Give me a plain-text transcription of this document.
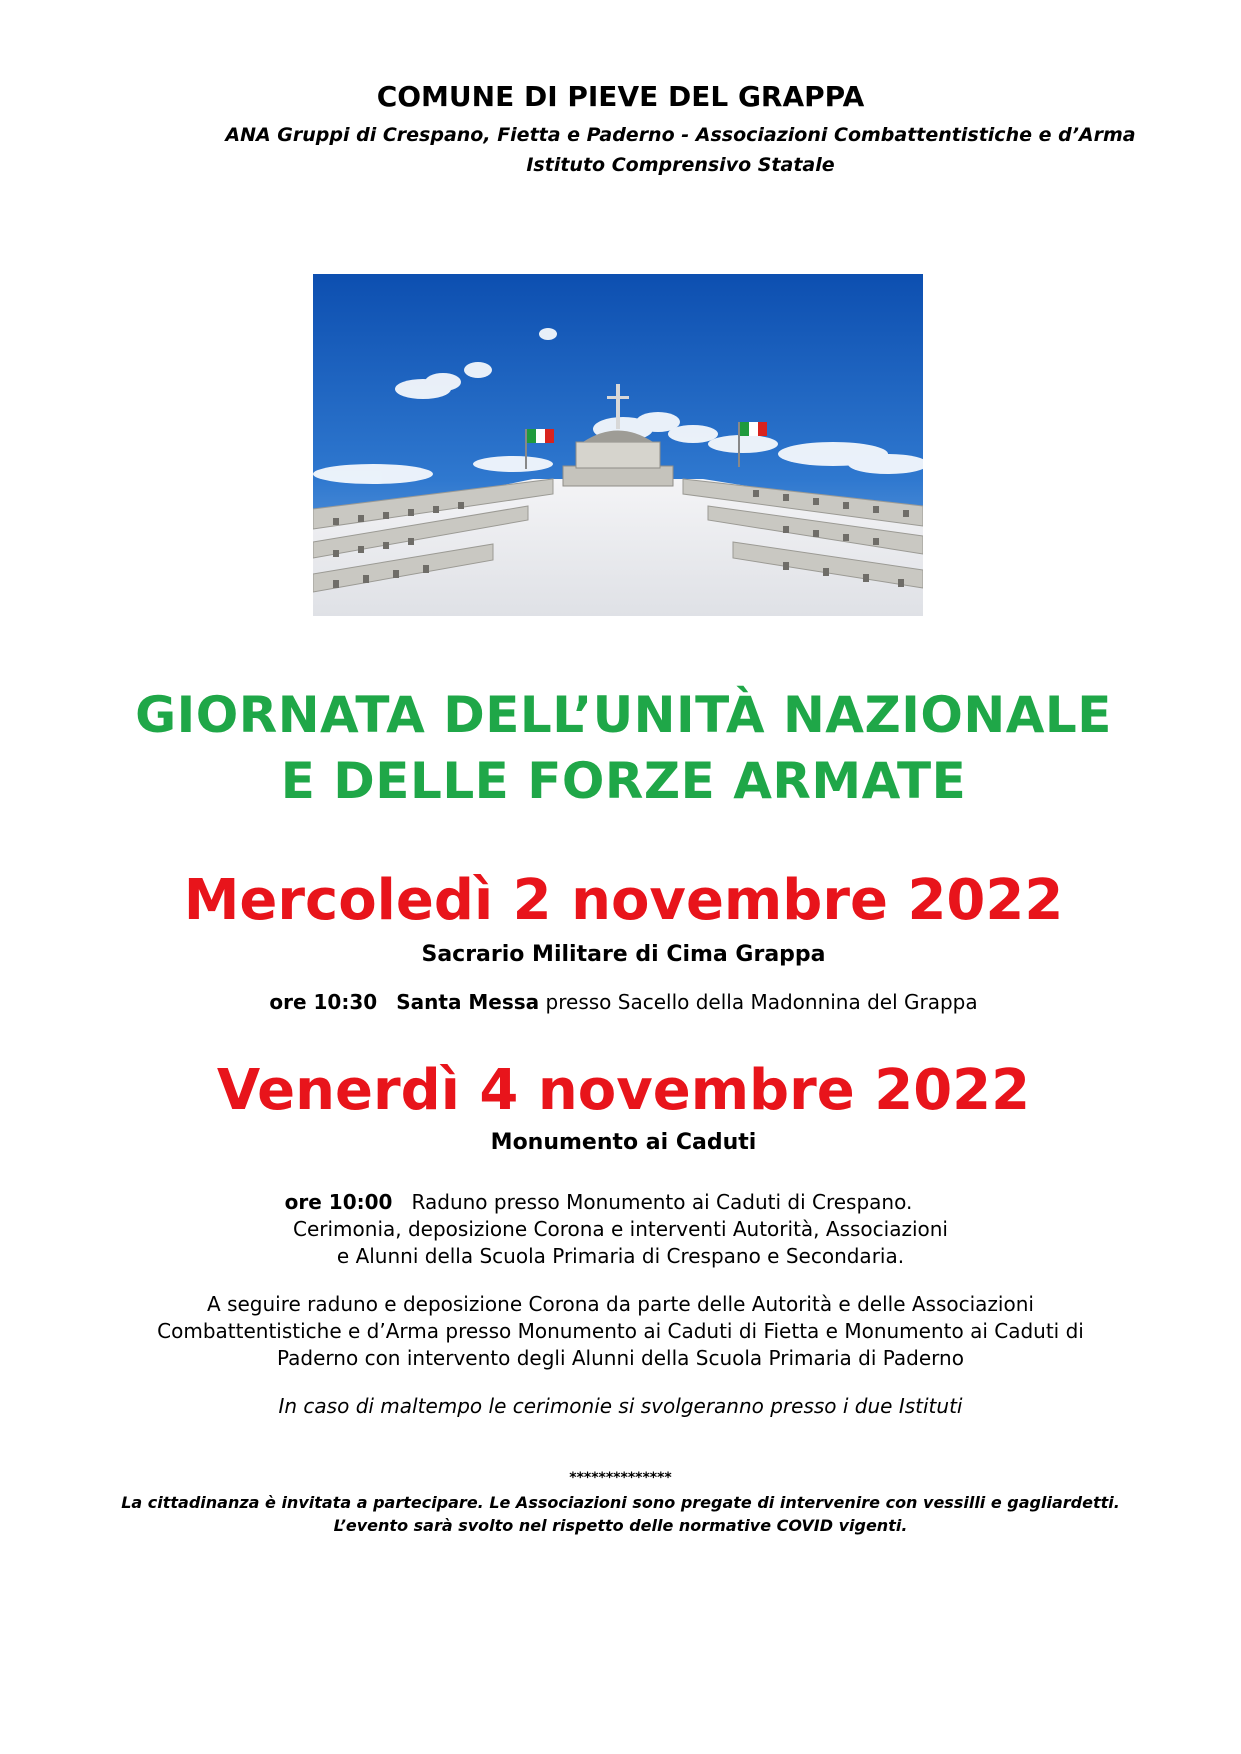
COMUNE DI PIEVE DEL GRAPPA
ANA Gruppi di Crespano, Fietta e Paderno - Associazioni Combattentistiche e d’Arma
Istituto Comprensivo Statale
GIORNATA DELL’UNITÀ NAZIONALE
E DELLE FORZE ARMATE
Mercoledì 2 novembre 2022
Sacrario Militare di Cima Grappa
ore 10:30 Santa Messa presso Sacello della Madonnina del Grappa
Venerdì 4 novembre 2022
Monumento ai Caduti
ore 10:00 Raduno presso Monumento ai Caduti di Crespano.
Cerimonia, deposizione Corona e interventi Autorità, Associazioni
e Alunni della Scuola Primaria di Crespano e Secondaria.
A seguire raduno e deposizione Corona da parte delle Autorità e delle Associazioni
Combattentistiche e d’Arma presso Monumento ai Caduti di Fietta e Monumento ai Caduti di
Paderno con intervento degli Alunni della Scuola Primaria di Paderno
In caso di maltempo le cerimonie si svolgeranno presso i due Istituti
**************
La cittadinanza è invitata a partecipare. Le Associazioni sono pregate di intervenire con vessilli e gagliardetti.
L’evento sarà svolto nel rispetto delle normative COVID vigenti.
